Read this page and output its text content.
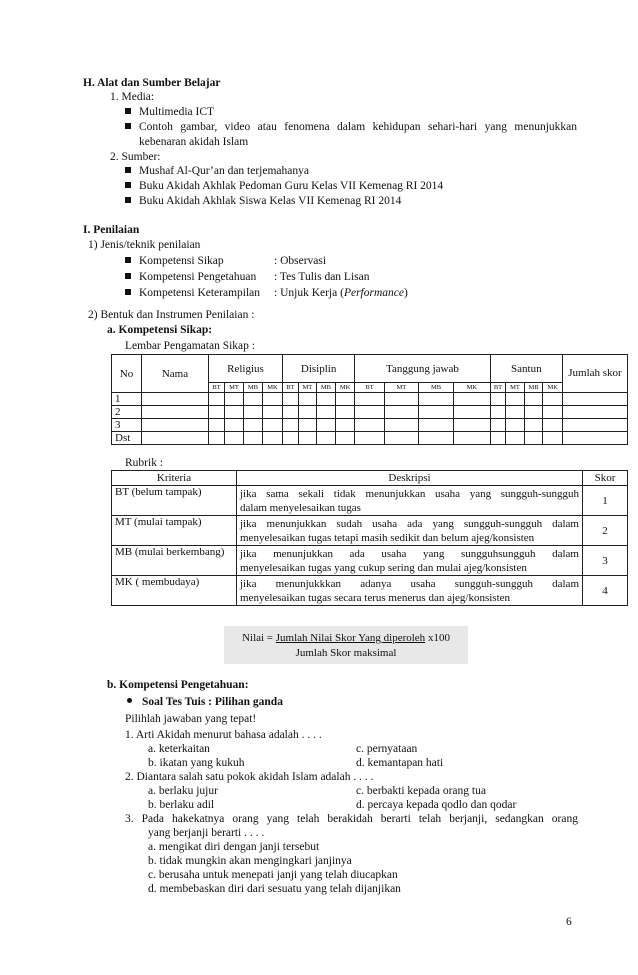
H. Alat dan Sumber Belajar
1. Media:
Multimedia ICT
Contoh gambar, video atau fenomena dalam kehidupan sehari-hari yang menunjukkan
kebenaran akidah Islam
2. Sumber:
Mushaf Al-Qur’an dan terjemahanya
Buku Akidah Akhlak Pedoman Guru Kelas VII Kemenag RI 2014
Buku Akidah Akhlak Siswa Kelas VII Kemenag RI 2014
I. Penilaian
1) Jenis/teknik penilaian
Kompetensi Sikap	: Observasi
Kompetensi Pengetahuan : Tes Tulis dan Lisan
Kompetensi Keterampilan : Unjuk Kerja (Performance)
2) Bentuk dan Instrumen Penilaian :
a. Kompetensi Sikap:
Lembar Pengamatan Sikap :
No	Nama	Religius				Disiplin				Tanggung jawab				Santun				Jumlah skor
		BT	MT	MB	MK	BT	MT	MB	MK	BT	MT	MB	MK	BT	MT	MB	MK	
1																		
2																		
3																		
Dst																		
Rubrik :
Kriteria	Deskripsi	Skor
BT (belum tampak)	jika sama sekali tidak menunjukkan usaha yang sungguh-sungguh
dalam menyelesaikan tugas	1
MT (mulai tampak)	jika menunjukkan sudah usaha ada yang sungguh-sungguh dalam
menyelesaikan tugas tetapi masih sedikit dan belum ajeg/konsisten	2
MB (mulai berkembang)	jika menunjukkan ada usaha yang sungguhsungguh dalam
menyelesaikan tugas yang cukup sering dan mulai ajeg/konsisten	3
MK ( membudaya)	jika menunjukkkan adanya usaha sungguh-sungguh dalam
menyelesaikan tugas secara terus menerus dan ajeg/konsisten	4
Nilai = Jumlah Nilai Skor Yang diperoleh x100
Jumlah Skor maksimal
b. Kompetensi Pengetahuan:
Soal Tes Tuis : Pilihan ganda
Pilihlah jawaban yang tepat!
1. Arti Akidah menurut bahasa adalah . . . .
a. keterkaitan	c. pernyataan
b. ikatan yang kukuh	d. kemantapan hati
2. Diantara salah satu pokok akidah Islam adalah . . . .
a. berlaku jujur	c. berbakti kepada orang tua
b. berlaku adil	d. percaya kepada qodlo dan qodar
3. Pada hakekatnya orang yang telah berakidah berarti telah berjanji, sedangkan orang
yang berjanji berarti . . . .
a. mengikat diri dengan janji tersebut
b. tidak mungkin akan mengingkari janjinya
c. berusaha untuk menepati janji yang telah diucapkan
d. membebaskan diri dari sesuatu yang telah dijanjikan
6
